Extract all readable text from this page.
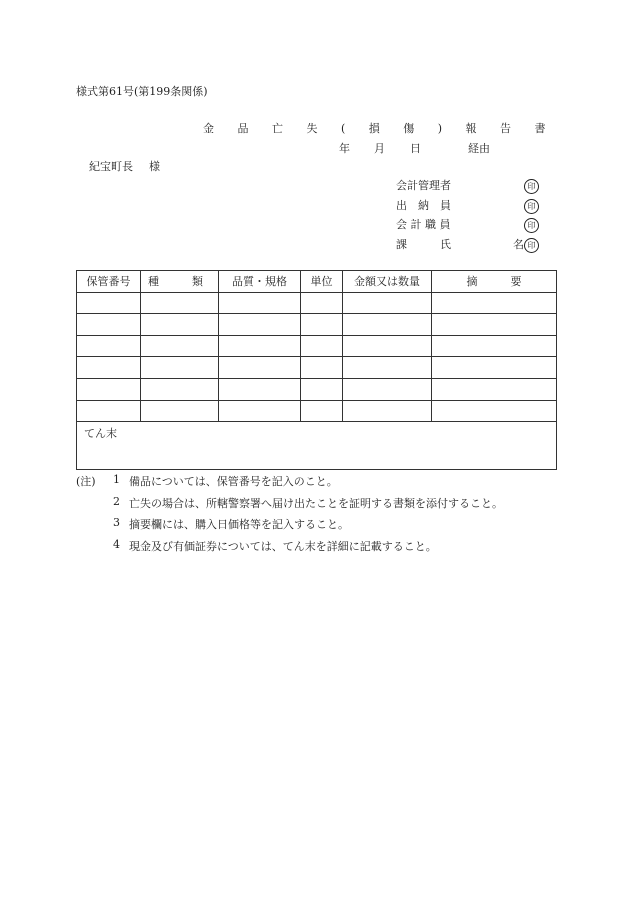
様式第61号(第199条関係)
金 品 亡 失 ( 損 傷 ) 報 告 書
年 月 日	経由
紀宝町長 様
会計管理者	印
出　納　員	印
会 計 職 員	印
課　　　氏	名 印
保管番号	種　　　類	品質・規格	単位	金額又は数量	摘　　　要

てん末					
(注) 1 備品については、保管番号を記入のこと。
2 亡失の場合は、所轄警察署へ届け出たことを証明する書類を添付すること。
3 摘要欄には、購入日価格等を記入すること。
4 現金及び有価証券については、てん末を詳細に記載すること。
